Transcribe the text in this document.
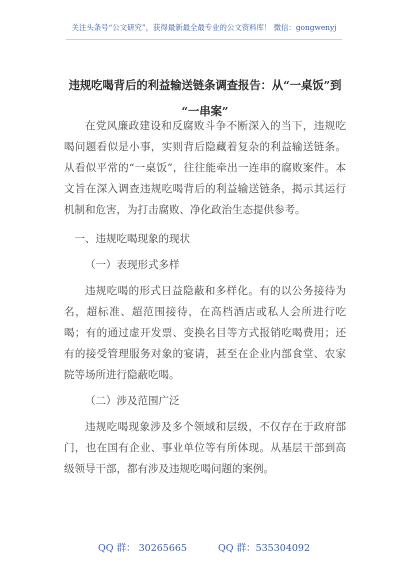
关注头条号“公文研究”，获得最新最全最专业的公文资料库！ 微信：gongwenyj
违规吃喝背后的利益输送链条调查报告：从“一桌饭”到
“一串案”

在党风廉政建设和反腐败斗争不断深入的当下，违规吃喝问题看似是小事，实则背后隐藏着复杂的利益输送链条。从看似平常的“一桌饭”，往往能牵出一连串的腐败案件。本文旨在深入调查违规吃喝背后的利益输送链条，揭示其运行机制和危害，为打击腐败、净化政治生态提供参考。

一、违规吃喝现象的现状

（一）表现形式多样

违规吃喝的形式日益隐蔽和多样化。有的以公务接待为名，超标准、超范围接待，在高档酒店或私人会所进行吃喝；有的通过虚开发票、变换名目等方式报销吃喝费用；还有的接受管理服务对象的宴请，甚至在企业内部食堂、农家院等场所进行隐蔽吃喝。

（二）涉及范围广泛

违规吃喝现象涉及多个领域和层级，不仅存在于政府部门，也在国有企业、事业单位等有所体现。从基层干部到高级领导干部，都有涉及违规吃喝问题的案例。

QQ 群： 30265665	QQ 群：535304092
